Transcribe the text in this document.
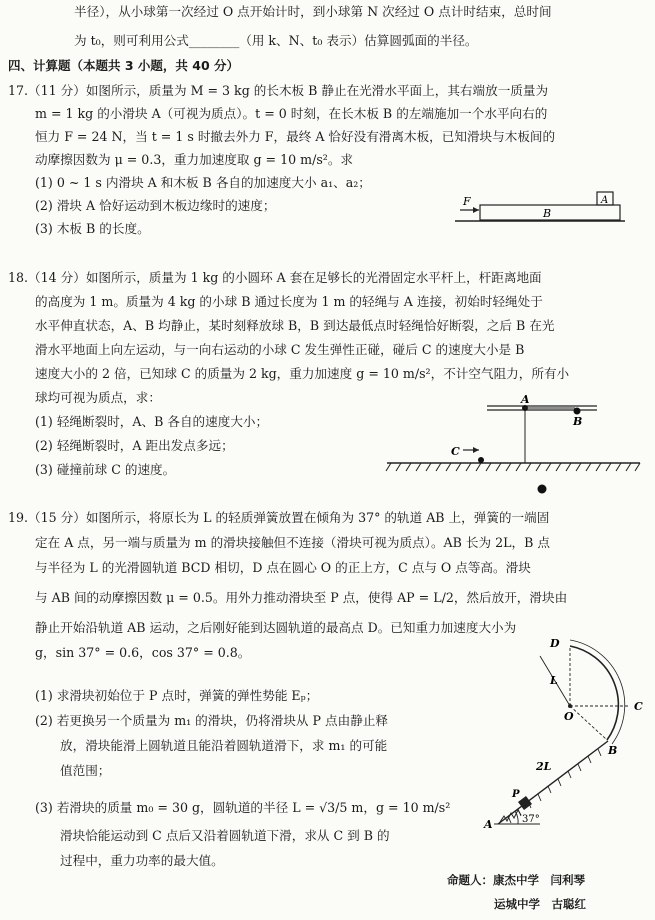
半径），从小球第一次经过 O 点开始计时，到小球第 N 次经过 O 点计时结束，总时间
为 t₀，则可利用公式________（用 k、N、t₀ 表示）估算圆弧面的半径。
四、计算题（本题共 3 小题，共 40 分）
17.（11 分）如图所示，质量为 M = 3 kg 的长木板 B 静止在光滑水平面上，其右端放一质量为
m = 1 kg 的小滑块 A（可视为质点）。t = 0 时刻，在长木板 B 的左端施加一个水平向右的
恒力 F = 24 N，当 t = 1 s 时撤去外力 F，最终 A 恰好没有滑离木板，已知滑块与木板间的
动摩擦因数为 μ = 0.3，重力加速度取 g = 10 m/s²。求
(1) 0 ~ 1 s 内滑块 A 和木板 B 各自的加速度大小 a₁、a₂；
(2) 滑块 A 恰好运动到木板边缘时的速度；
(3) 木板 B 的长度。
F
B
A
18.（14 分）如图所示，质量为 1 kg 的小圆环 A 套在足够长的光滑固定水平杆上，杆距离地面
的高度为 1 m。质量为 4 kg 的小球 B 通过长度为 1 m 的轻绳与 A 连接，初始时轻绳处于
水平伸直状态，A、B 均静止，某时刻释放球 B，B 到达最低点时轻绳恰好断裂，之后 B 在光
滑水平地面上向左运动，与一向右运动的小球 C 发生弹性正碰，碰后 C 的速度大小是 B
速度大小的 2 倍，已知球 C 的质量为 2 kg，重力加速度 g = 10 m/s²，不计空气阻力，所有小
球均可视为质点，求：
(1) 轻绳断裂时，A、B 各自的速度大小；
(2) 轻绳断裂时，A 距出发点多远；
(3) 碰撞前球 C 的速度。
A
B
C
19.（15 分）如图所示，将原长为 L 的轻质弹簧放置在倾角为 37° 的轨道 AB 上，弹簧的一端固
定在 A 点，另一端与质量为 m 的滑块接触但不连接（滑块可视为质点）。AB 长为 2L，B 点
与半径为 L 的光滑圆轨道 BCD 相切，D 点在圆心 O 的正上方，C 点与 O 点等高。滑块
与 AB 间的动摩擦因数 μ = 0.5。用外力推动滑块至 P 点，使得 AP = L/2，然后放开，滑块由
静止开始沿轨道 AB 运动，之后刚好能到达圆轨道的最高点 D。已知重力加速度大小为
g，sin 37° = 0.6，cos 37° = 0.8。
(1) 求滑块初始位于 P 点时，弹簧的弹性势能 Eₚ；
(2) 若更换另一个质量为 m₁ 的滑块，仍将滑块从 P 点由静止释
放，滑块能滑上圆轨道且能沿着圆轨道滑下，求 m₁ 的可能
值范围；
(3) 若滑块的质量 m₀ = 30 g，圆轨道的半径 L = √3/5 m，g = 10 m/s²
滑块恰能运动到 C 点后又沿着圆轨道下滑，求从 C 到 B 的
过程中，重力功率的最大值。
D
L
O
C
B
2L
P
A	37°
命题人：康杰中学　闫利琴
运城中学　古聪红
